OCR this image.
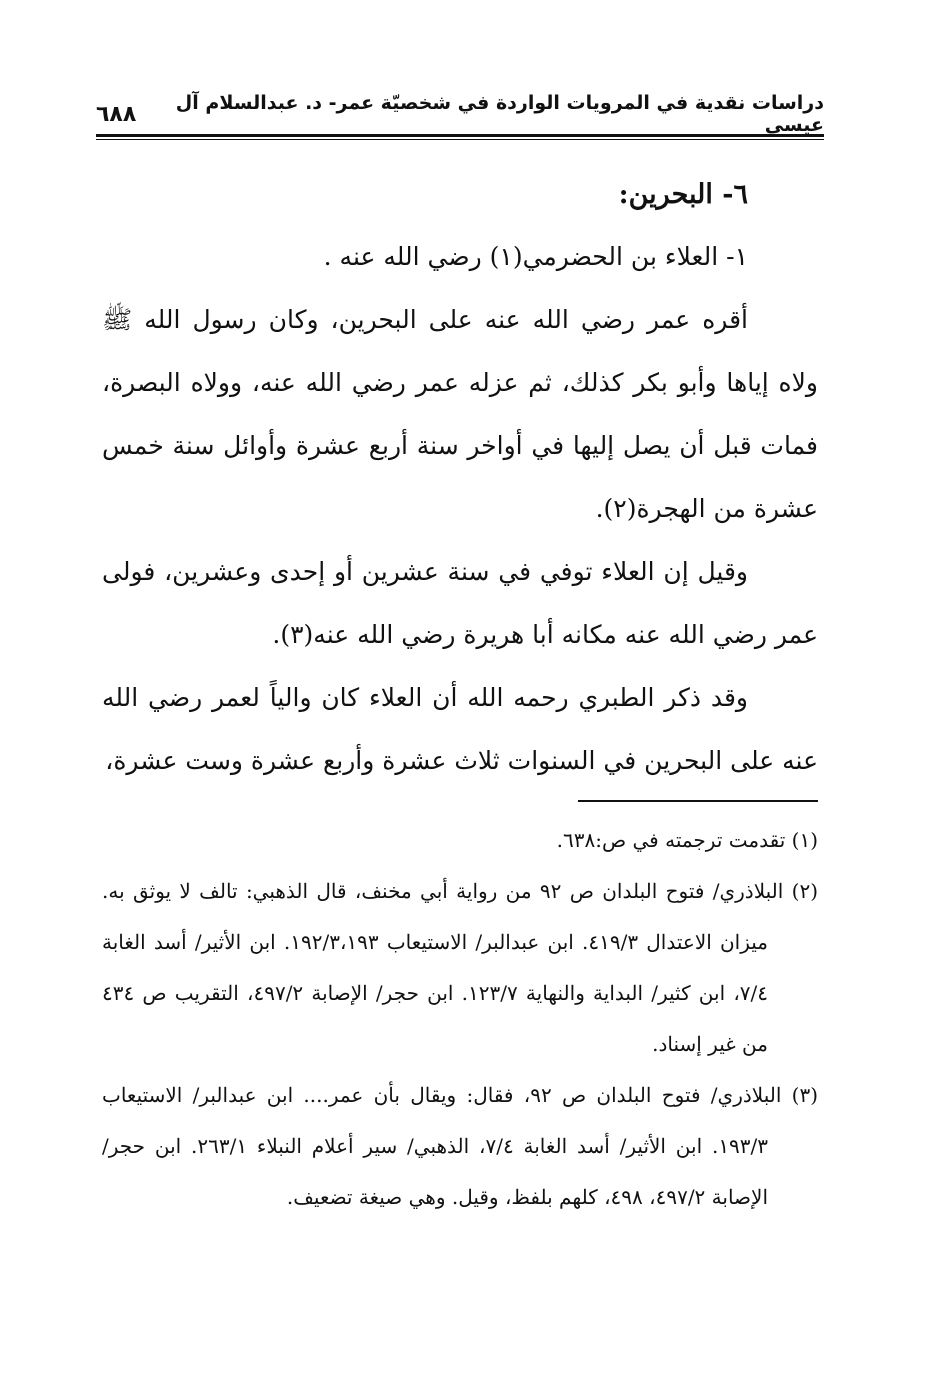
دراسات نقدية في المرويات الواردة في شخصيّة عمر- د. عبدالسلام آل عيسى
٦٨٨

٦- البحرين:

١- العلاء بن الحضرمي(١) رضي الله عنه .

أقره عمر رضي الله عنه على البحرين، وكان رسول الله ﷺ ولاه إياها وأبو بكر كذلك، ثم عزله عمر رضي الله عنه، وولاه البصرة، فمات قبل أن يصل إليها في أواخر سنة أربع عشرة وأوائل سنة خمس عشرة من الهجرة(٢).

وقيل إن العلاء توفي في سنة عشرين أو إحدى وعشرين، فولى عمر رضي الله عنه مكانه أبا هريرة رضي الله عنه(٣).

وقد ذكر الطبري رحمه الله أن العلاء كان والياً لعمر رضي الله عنه على البحرين في السنوات ثلاث عشرة وأربع عشرة وست عشرة،

(١) تقدمت ترجمته في ص:٦٣٨.

(٢) البلاذري/ فتوح البلدان ص ٩٢ من رواية أبي مخنف، قال الذهبي: تالف لا يوثق به. ميزان الاعتدال ٤١٩/٣. ابن عبدالبر/ الاستيعاب ١٩٢/٣،١٩٣. ابن الأثير/ أسد الغابة ٧/٤، ابن كثير/ البداية والنهاية ١٢٣/٧. ابن حجر/ الإصابة ٤٩٧/٢، التقريب ص ٤٣٤ من غير إسناد.

(٣) البلاذري/ فتوح البلدان ص ٩٢، فقال: ويقال بأن عمر.... ابن عبدالبر/ الاستيعاب ١٩٣/٣. ابن الأثير/ أسد الغابة ٧/٤، الذهبي/ سير أعلام النبلاء ٢٦٣/١. ابن حجر/ الإصابة ٤٩٧/٢، ٤٩٨، كلهم بلفظ، وقيل. وهي صيغة تضعيف.
